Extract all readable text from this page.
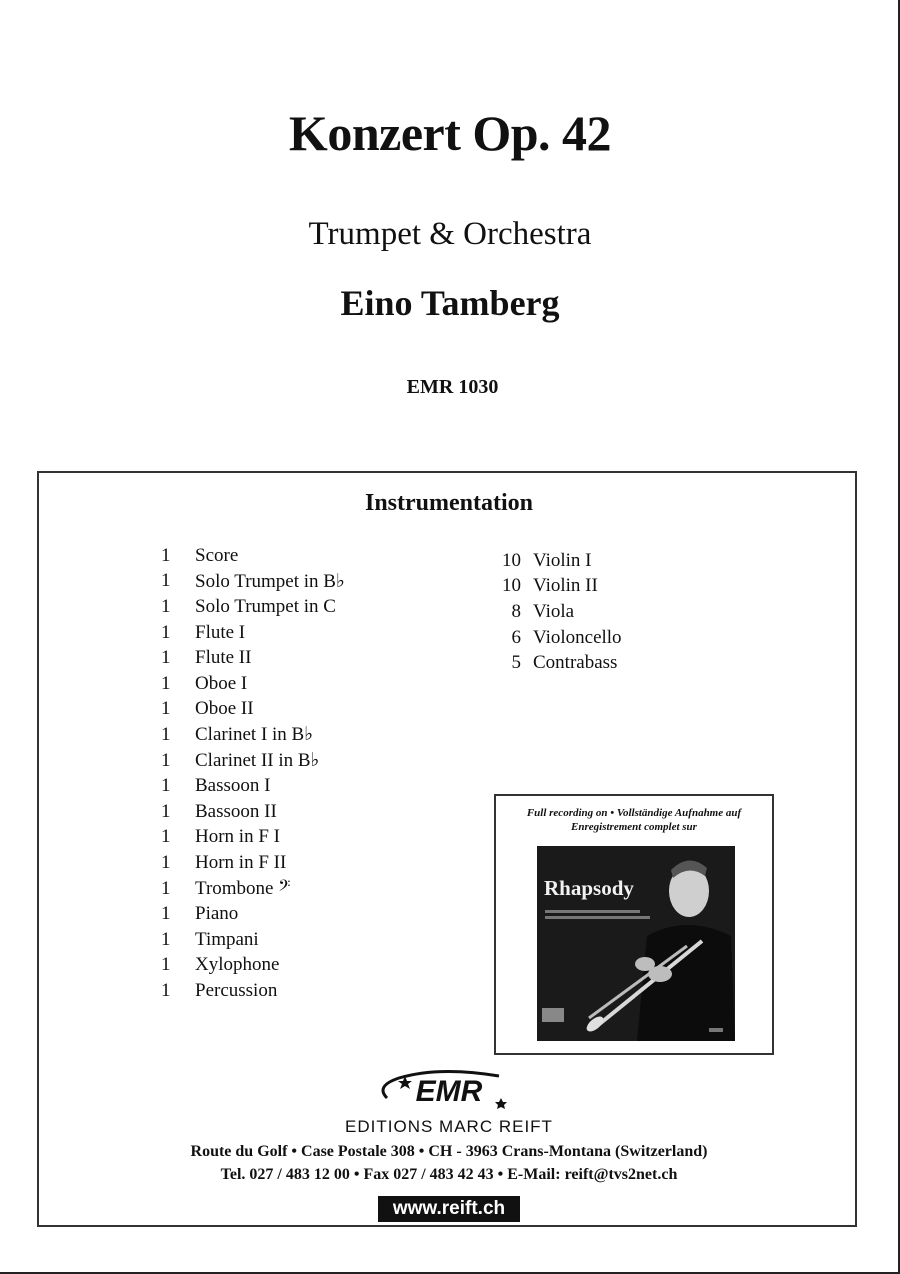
Konzert Op. 42
Trumpet & Orchestra
Eino Tamberg
EMR 1030
Instrumentation
1	Score
1	Solo Trumpet in B♭
1	Solo Trumpet in C
1	Flute I
1	Flute II
1	Oboe I
1	Oboe II
1	Clarinet I in B♭
1	Clarinet II in B♭
1	Bassoon I
1	Bassoon II
1	Horn in F I
1	Horn in F II
1	Trombone 𝄢
1	Piano
1	Timpani
1	Xylophone
1	Percussion
10 Violin I
10 Violin II
8 Viola
6 Violoncello
5 Contrabass
Full recording on • Vollständige Aufnahme auf
Enregistrement complet sur
Rhapsody
EMR
EDITIONS MARC REIFT
Route du Golf • Case Postale 308 • CH - 3963 Crans-Montana (Switzerland)
Tel. 027 / 483 12 00 • Fax 027 / 483 42 43 • E-Mail: reift@tvs2net.ch
www.reift.ch
